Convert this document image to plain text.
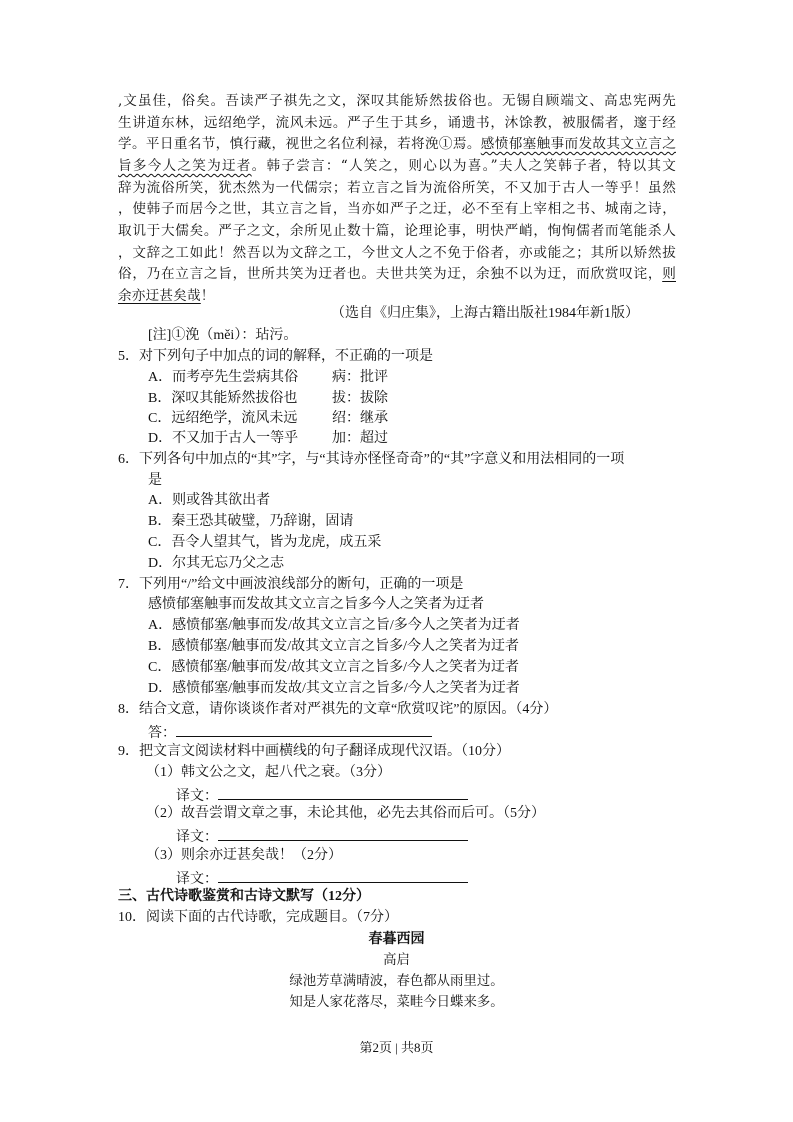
,文虽佳，俗矣。吾读严子祺先之文，深叹其能矫然拔俗也。无锡自顾端文、高忠宪两先
生讲道东林，远绍绝学，流风未远。严子生于其乡，诵遗书，沐馀教，被服儒者，邃于经
学。平日重名节，慎行藏，视世之名位利禄，若将浼①焉。感愤郁塞触事而发故其文立言之
旨多今人之笑为迂者。韩子尝言：“人笑之，则心以为喜。”夫人之笑韩子者，特以其文
辞为流俗所笑，犹杰然为一代儒宗；若立言之旨为流俗所笑，不又加于古人一等乎！虽然
，使韩子而居今之世，其立言之旨，当亦如严子之迂，必不至有上宰相之书、城南之诗，
取讥于大儒矣。严子之文，余所见止数十篇，论理论事，明快严峭，恂恂儒者而笔能杀人
，文辞之工如此！然吾以为文辞之工，今世文人之不免于俗者，亦或能之；其所以矫然拔
俗，乃在立言之旨，世所共笑为迂者也。夫世共笑为迂，余独不以为迂，而欣赏叹诧，则
余亦迂甚矣哉！
（选自《归庄集》，上海古籍出版社1984年新1版）
[注]①浼（měi）：玷污。
5．对下列句子中加点的词的解释，不正确的一项是
A．而考亭先生尝病其俗 病：批评
B．深叹其能矫然拔俗也 拔：拔除
C．远绍绝学，流风未远 绍：继承
D．不又加于古人一等乎 加：超过
6．下列各句中加点的“其”字，与“其诗亦怪怪奇奇”的“其”字意义和用法相同的一项
是
A．则或咎其欲出者
B．秦王恐其破璧，乃辞谢，固请
C．吾令人望其气，皆为龙虎，成五采
D．尔其无忘乃父之志
7．下列用“/”给文中画波浪线部分的断句，正确的一项是
感愤郁塞触事而发故其文立言之旨多今人之笑者为迂者
A．感愤郁塞/触事而发/故其文立言之旨/多今人之笑者为迂者
B．感愤郁塞/触事而发/故其文立言之旨多/今人之笑者为迂者
C．感愤郁塞/触事而发/故其文立言之旨多/今人之笑者为迂者
D．感愤郁塞/触事而发故/其文立言之旨多/今人之笑者为迂者
8．结合文意，请你谈谈作者对严祺先的文章“欣赏叹诧”的原因。（4分）
答：
9．把文言文阅读材料中画横线的句子翻译成现代汉语。（10分）
（1）韩文公之文，起八代之衰。（3分）
译文：
（2）故吾尝谓文章之事，未论其他，必先去其俗而后可。（5分）
译文：
（3）则余亦迂甚矣哉！（2分）
译文：
三、古代诗歌鉴赏和古诗文默写（12分）
10．阅读下面的古代诗歌，完成题目。（7分）
春暮西园
高启
绿池芳草满晴波，春色都从雨里过。
知是人家花落尽，菜畦今日蝶来多。
第2页 | 共8页
